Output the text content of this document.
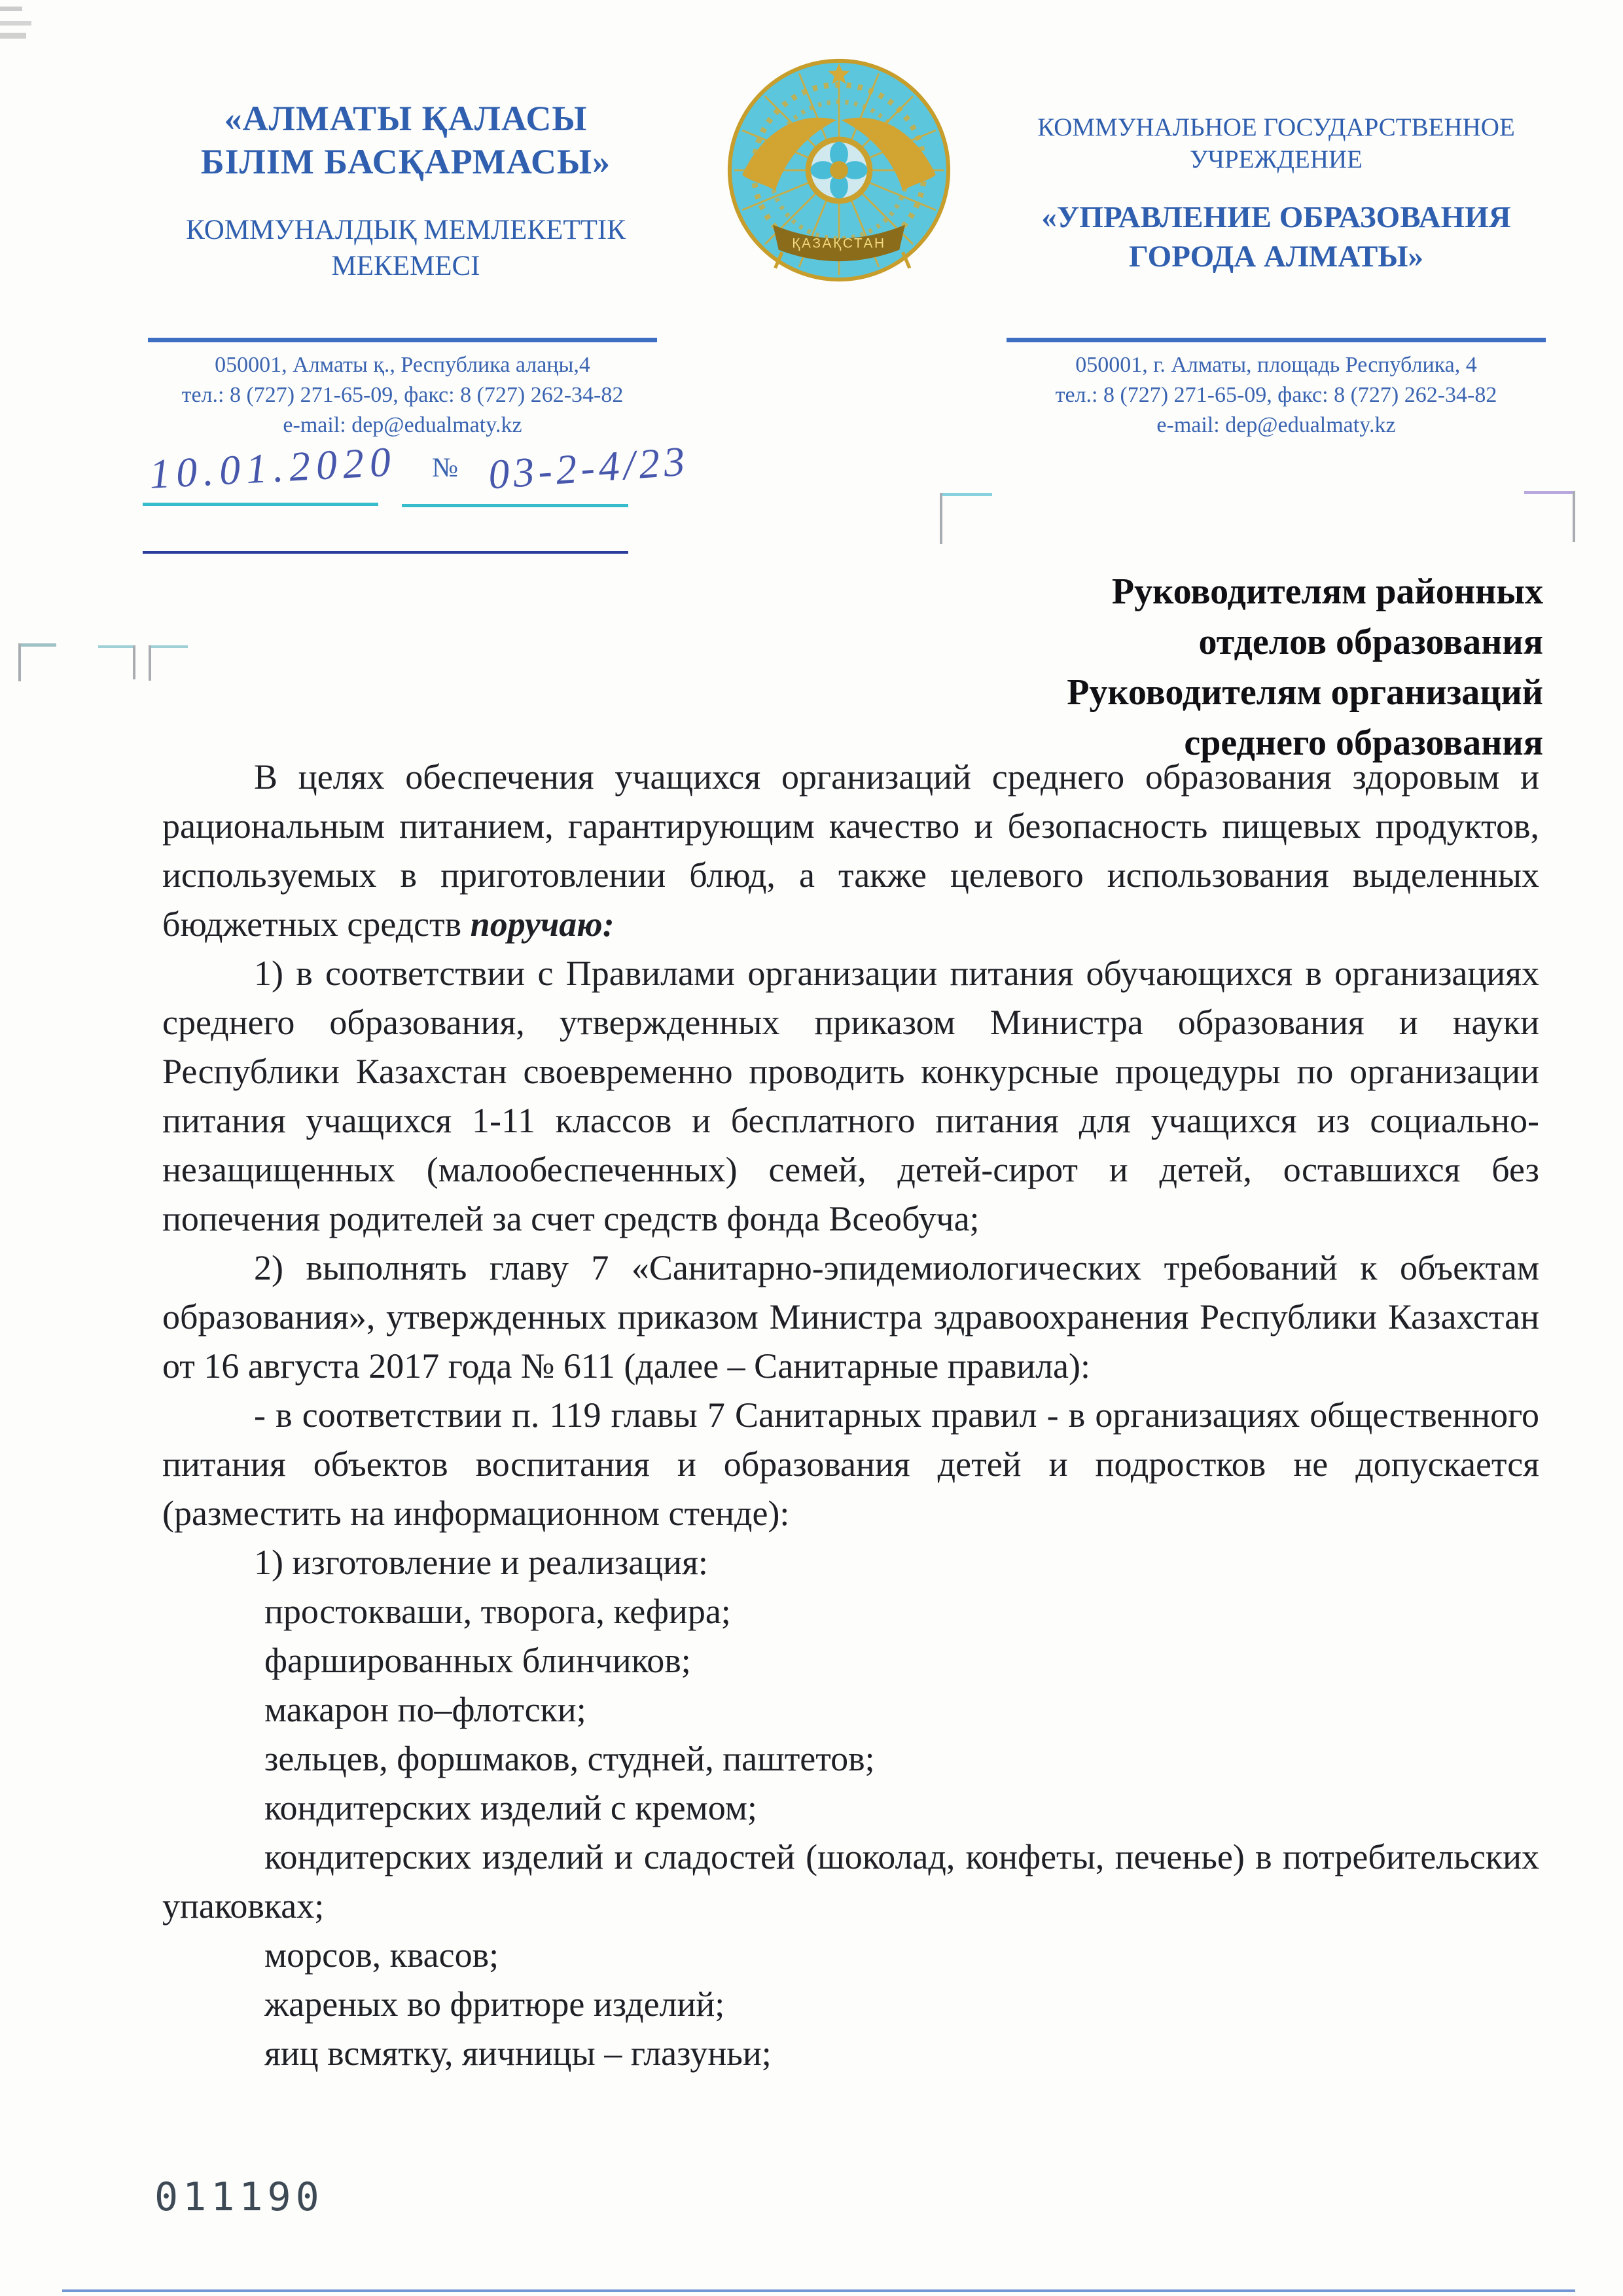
«АЛМАТЫ ҚАЛАСЫ
БІЛІМ БАСҚАРМАСЫ»
КОММУНАЛДЫҚ МЕМЛЕКЕТТІК
МЕКЕМЕСІ
ҚАЗАҚСТАН
КОММУНАЛЬНОЕ ГОСУДАРСТВЕННОЕ
УЧРЕЖДЕНИЕ
«УПРАВЛЕНИЕ ОБРАЗОВАНИЯ
ГОРОДА АЛМАТЫ»
050001, Алматы қ., Республика алаңы,4
тел.: 8 (727) 271-65-09, факс: 8 (727) 262-34-82
e-mail: dep@edualmaty.kz
050001, г. Алматы, площадь Республика, 4
тел.: 8 (727) 271-65-09, факс: 8 (727) 262-34-82
e-mail: dep@edualmaty.kz
10.01.2020 № 03-2-4/23
Руководителям районных
отделов образования
Руководителям организаций
среднего образования

В целях обеспечения учащихся организаций среднего образования здоровым и рациональным питанием, гарантирующим качество и безопасность пищевых продуктов, используемых в приготовлении блюд, а также целевого использования выделенных бюджетных средств поручаю:

1) в соответствии с Правилами организации питания обучающихся в организациях среднего образования, утвержденных приказом Министра образования и науки Республики Казахстан своевременно проводить конкурсные процедуры по организации питания учащихся 1-11 классов и бесплатного питания для учащихся из социально-незащищенных (малообеспеченных) семей, детей-сирот и детей, оставшихся без попечения родителей за счет средств фонда Всеобуча;

2) выполнять главу 7 «Санитарно-эпидемиологических требований к объектам образования», утвержденных приказом Министра здравоохранения Республики Казахстан от 16 августа 2017 года № 611 (далее – Санитарные правила):

- в соответствии п. 119 главы 7 Санитарных правил - в организациях общественного питания объектов воспитания и образования детей и подростков не допускается (разместить на информационном стенде):

1) изготовление и реализация:

простокваши, творога, кефира;

фаршированных блинчиков;

макарон по–флотски;

зельцев, форшмаков, студней, паштетов;

кондитерских изделий с кремом;

кондитерских изделий и сладостей (шоколад, конфеты, печенье) в потребительских упаковках;

морсов, квасов;

жареных во фритюре изделий;

яиц всмятку, яичницы – глазуньи;

011190
